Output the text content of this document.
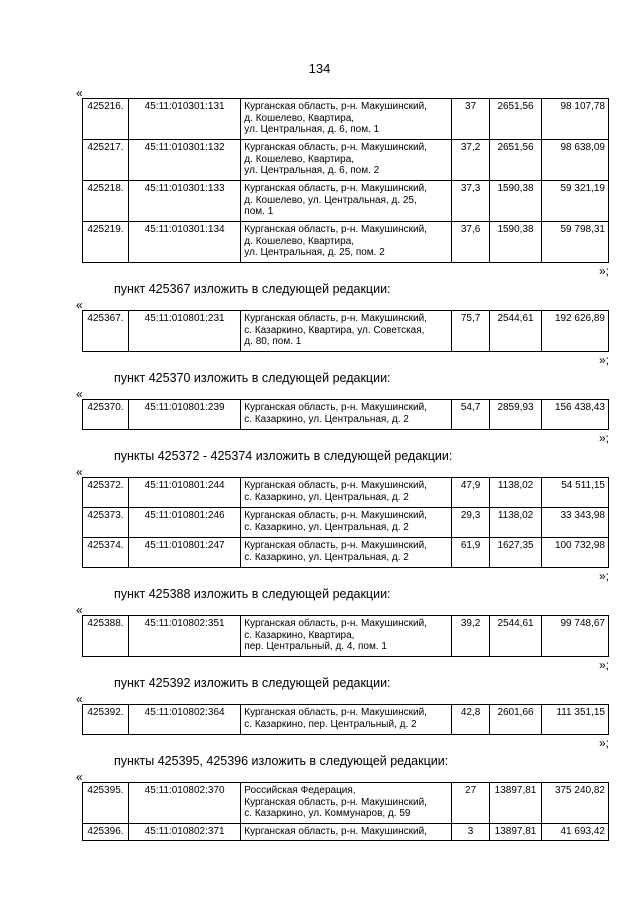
134
«
425216.	45:11:010301:131	Курганская область, р-н. Макушинский,
д. Кошелево, Квартира,
ул. Центральная, д. 6, пом. 1	37	2651,56	98 107,78
425217.	45:11:010301:132	Курганская область, р-н. Макушинский,
д. Кошелево, Квартира,
ул. Центральная, д. 6, пом. 2	37,2	2651,56	98 638,09
425218.	45:11:010301:133	Курганская область, р-н. Макушинский,
д. Кошелево, ул. Центральная, д. 25,
пом. 1	37,3	1590,38	59 321,19
425219.	45:11:010301:134	Курганская область, р-н. Макушинский,
д. Кошелево, Квартира,
ул. Центральная, д. 25, пом. 2	37,6	1590,38	59 798,31
»;
пункт 425367 изложить в следующей редакции:
«
425367.	45:11:010801:231	Курганская область, р-н. Макушинский,
с. Казаркино, Квартира, ул. Советская,
д. 80, пом. 1	75,7	2544,61	192 626,89
»;
пункт 425370 изложить в следующей редакции:
«
425370.	45:11:010801:239	Курганская область, р-н. Макушинский,
с. Казаркино, ул. Центральная, д. 2	54,7	2859,93	156 438,43
»;
пункты 425372 - 425374 изложить в следующей редакции:
«
425372.	45:11:010801:244	Курганская область, р-н. Макушинский,
с. Казаркино, ул. Центральная, д. 2	47,9	1138,02	54 511,15
425373.	45:11:010801:246	Курганская область, р-н. Макушинский,
с. Казаркино, ул. Центральная, д. 2	29,3	1138,02	33 343,98
425374.	45:11:010801:247	Курганская область, р-н. Макушинский,
с. Казаркино, ул. Центральная, д. 2	61,9	1627,35	100 732,98
»;
пункт 425388 изложить в следующей редакции:
«
425388.	45:11:010802:351	Курганская область, р-н. Макушинский,
с. Казаркино, Квартира,
пер. Центральный, д. 4, пом. 1	39,2	2544,61	99 748,67
»;
пункт 425392 изложить в следующей редакции:
«
425392.	45:11:010802:364	Курганская область, р-н. Макушинский,
с. Казаркино, пер. Центральный, д. 2	42,8	2601,66	111 351,15
»;
пункты 425395, 425396 изложить в следующей редакции:
«
425395.	45:11:010802:370	Российская Федерация,
Курганская область, р-н. Макушинский,
с. Казаркино, ул. Коммунаров, д. 59	27	13897,81	375 240,82
425396.	45:11:010802:371	Курганская область, р-н. Макушинский,	3	13897,81	41 693,42
